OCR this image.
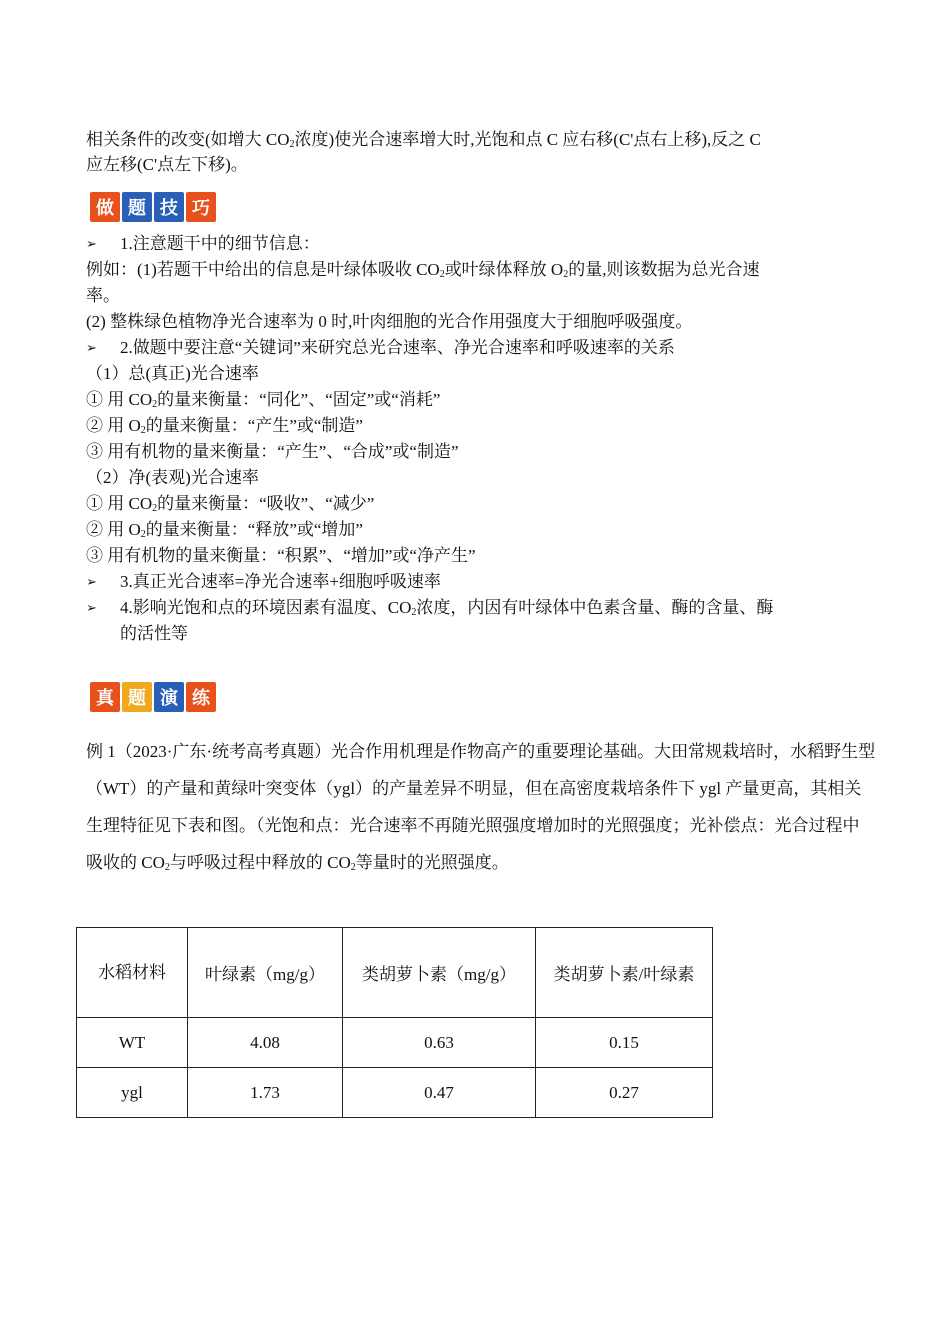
相关条件的改变(如增大 $CO_2$浓度)使光合速率增大时,光饱和点 C 应右移(C'点右上移),反之 C
应左移(C'点左下移)。
做 题 技 巧
➢ 1.注意题干中的细节信息：
例如：(1)若题干中给出的信息是叶绿体吸收 $CO_2$或叶绿体释放 $O_2$的量,则该数据为总光合速
率。
(2) 整株绿色植物净光合速率为 0 时,叶肉细胞的光合作用强度大于细胞呼吸强度。
➢ 2.做题中要注意“关键词”来研究总光合速率、净光合速率和呼吸速率的关系
（1）总(真正)光合速率
① 用 $CO_2$的量来衡量：“同化”、“固定”或“消耗”
② 用 $O_2$的量来衡量：“产生”或“制造”
③ 用有机物的量来衡量：“产生”、“合成”或“制造”
（2）净(表观)光合速率
① 用 $CO_2$的量来衡量：“吸收”、“减少”
② 用 $O_2$的量来衡量：“释放”或“增加”
③ 用有机物的量来衡量：“积累”、“增加”或“净产生”
➢ 3.真正光合速率=净光合速率+细胞呼吸速率
➢ 4.影响光饱和点的环境因素有温度、$CO_2$浓度，内因有叶绿体中色素含量、酶的含量、酶
的活性等
真 题 演 练
例 1（2023·广东·统考高考真题）光合作用机理是作物高产的重要理论基础。大田常规栽培时，水稻野生型（WT）的产量和黄绿叶突变体（ygl）的产量差异不明显，但在高密度栽培条件下 ygl 产量更高，其相关生理特征见下表和图。（光饱和点：光合速率不再随光照强度增加时的光照强度；光补偿点：光合过程中吸收的 $CO_2$与呼吸过程中释放的 $CO_2$等量时的光照强度。
水稻材料	叶绿素（mg/g）	类胡萝卜素（mg/g）	类胡萝卜素/叶绿素
WT	4.08	0.63	0.15
ygl	1.73	0.47	0.27
